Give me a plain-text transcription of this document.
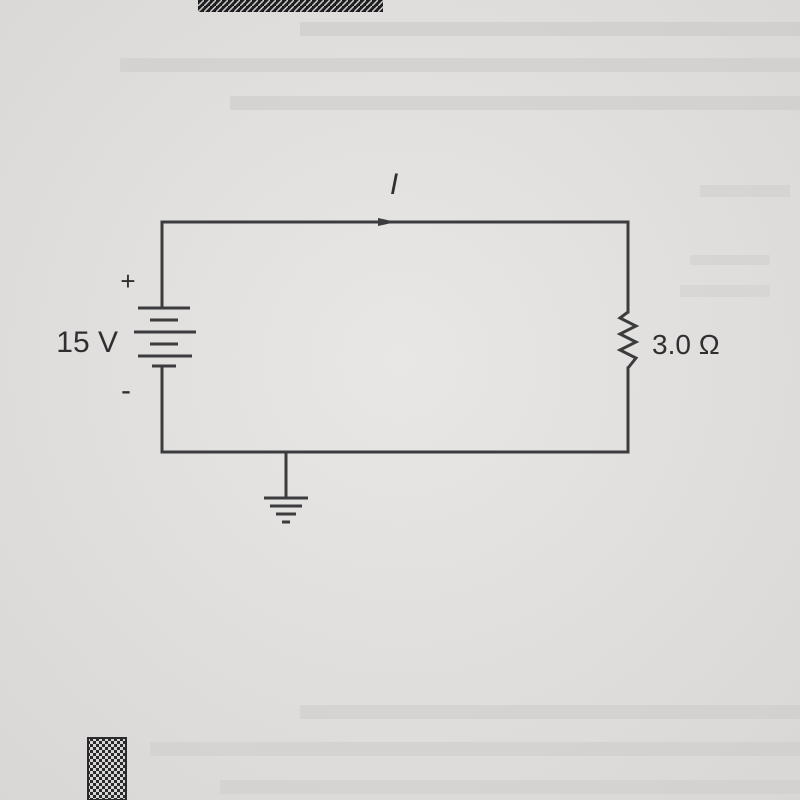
I
+
-
15 V	3.0 Ω
